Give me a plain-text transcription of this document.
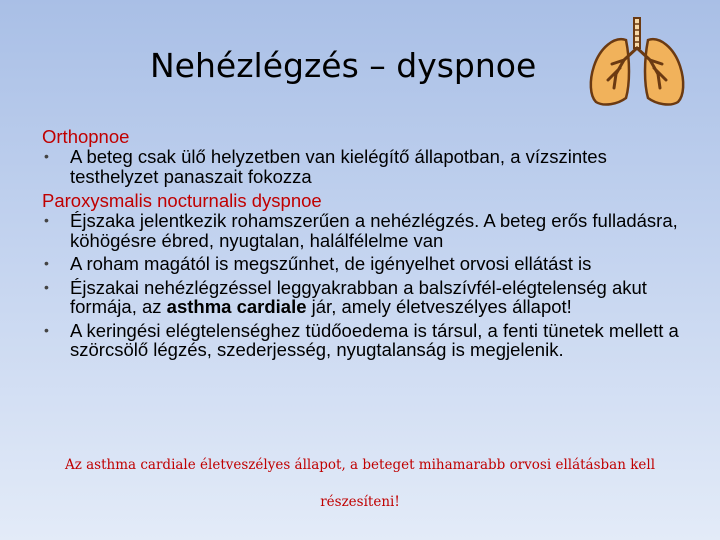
Nehézlégzés – dyspnoe

Orthopnoe

• A beteg csak ülő helyzetben van kielégítő állapotban, a vízszintes testhelyzet panaszait fokozza

Paroxysmalis nocturnalis dyspnoe

• Éjszaka jelentkezik rohamszerűen a nehézlégzés. A beteg erős fulladásra, köhögésre ébred, nyugtalan, halálfélelme van

• A roham magától is megszűnhet, de igényelhet orvosi ellátást is

• Éjszakai nehézlégzéssel leggyakrabban a balszívfél-elégtelenség akut formája, az asthma cardiale jár, amely életveszélyes állapot!

• A keringési elégtelenséghez tüdőoedema is társul, a fenti tünetek mellett a szörcsölő légzés, szederjesség, nyugtalanság is megjelenik.

Az asthma cardiale életveszélyes állapot, a beteget mihamarabb orvosi ellátásban kell
részesíteni!
